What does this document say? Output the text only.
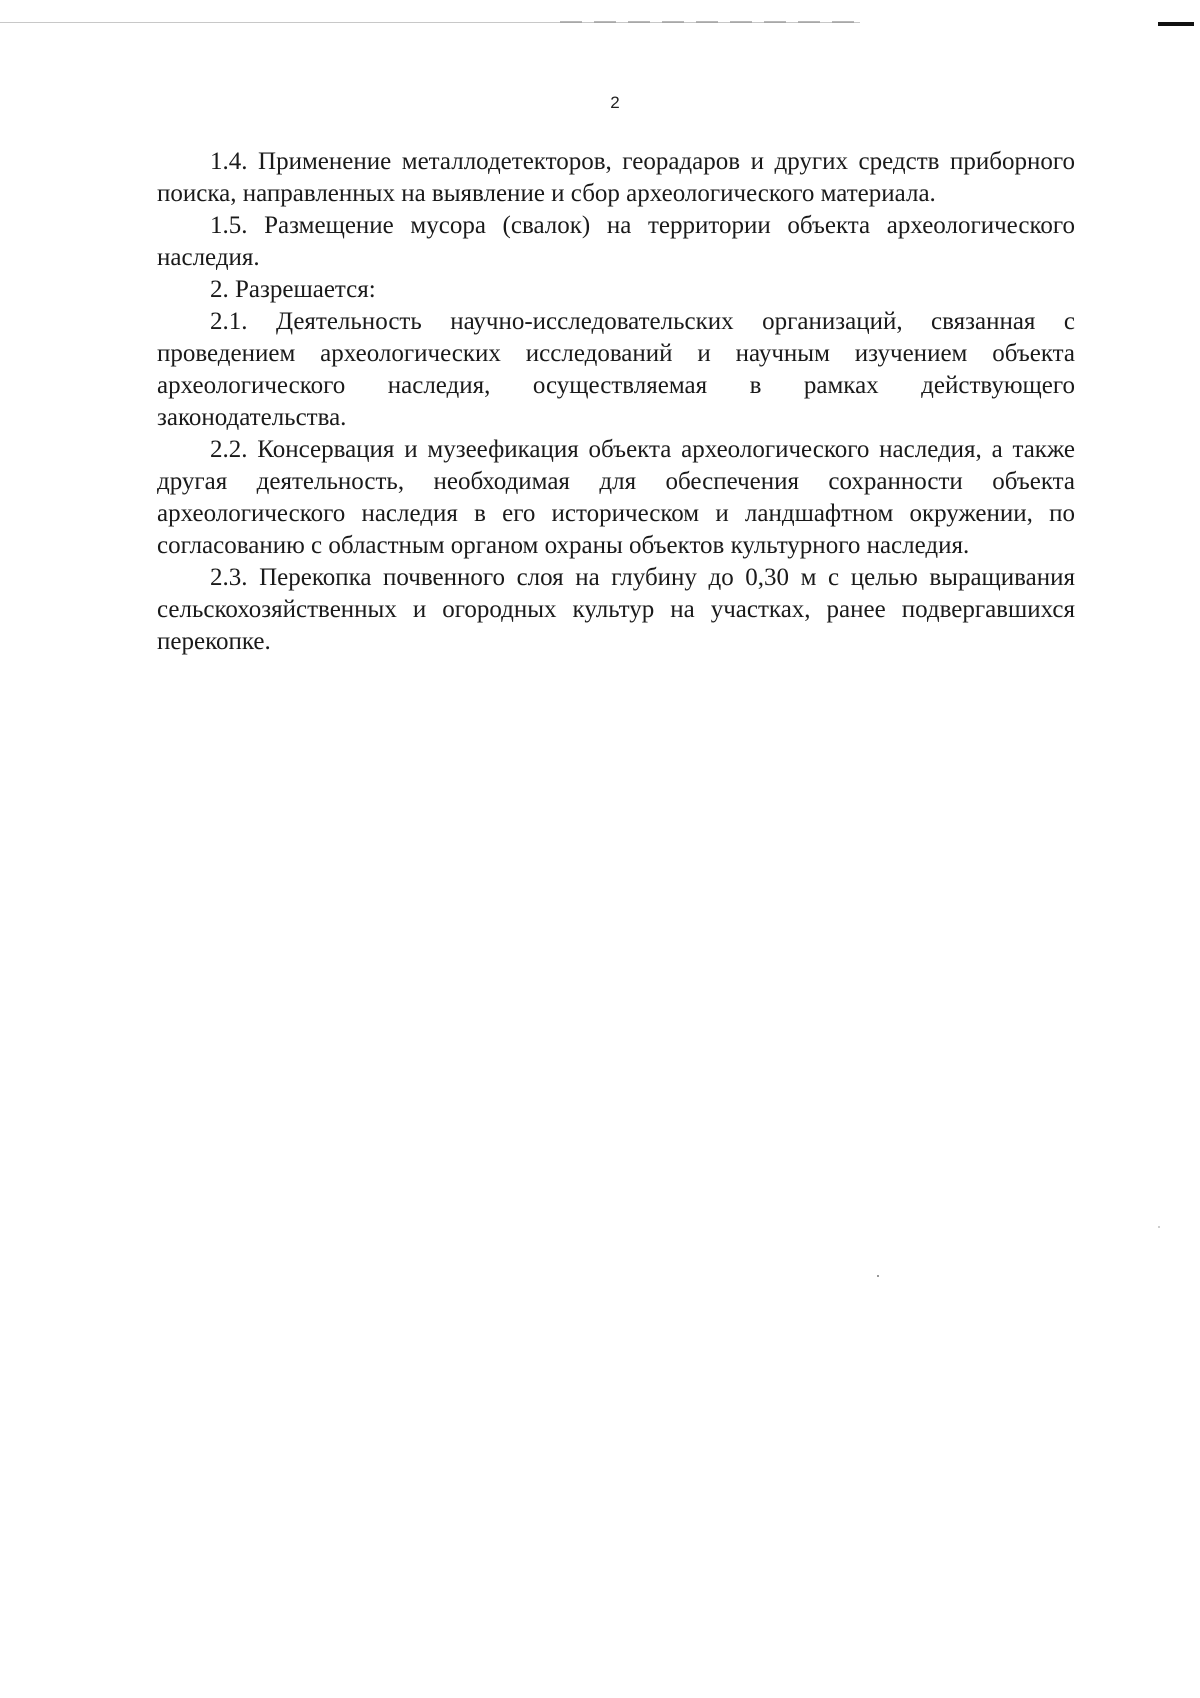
2

1.4. Применение металлодетекторов, георадаров и других средств приборного поиска, направленных на выявление и сбор археологического материала.

1.5. Размещение мусора (свалок) на территории объекта археологического наследия.

2. Разрешается:

2.1. Деятельность научно-исследовательских организаций, связанная с проведением археологических исследований и научным изучением объекта археологического наследия, осуществляемая в рамках действующего законодательства.

2.2. Консервация и музеефикация объекта археологического наследия, а также другая деятельность, необходимая для обеспечения сохранности объекта археологического наследия в его историческом и ландшафтном окружении, по согласованию с областным органом охраны объектов культурного наследия.

2.3. Перекопка почвенного слоя на глубину до 0,30 м с целью выращивания сельскохозяйственных и огородных культур на участках, ранее подвергавшихся перекопке.
